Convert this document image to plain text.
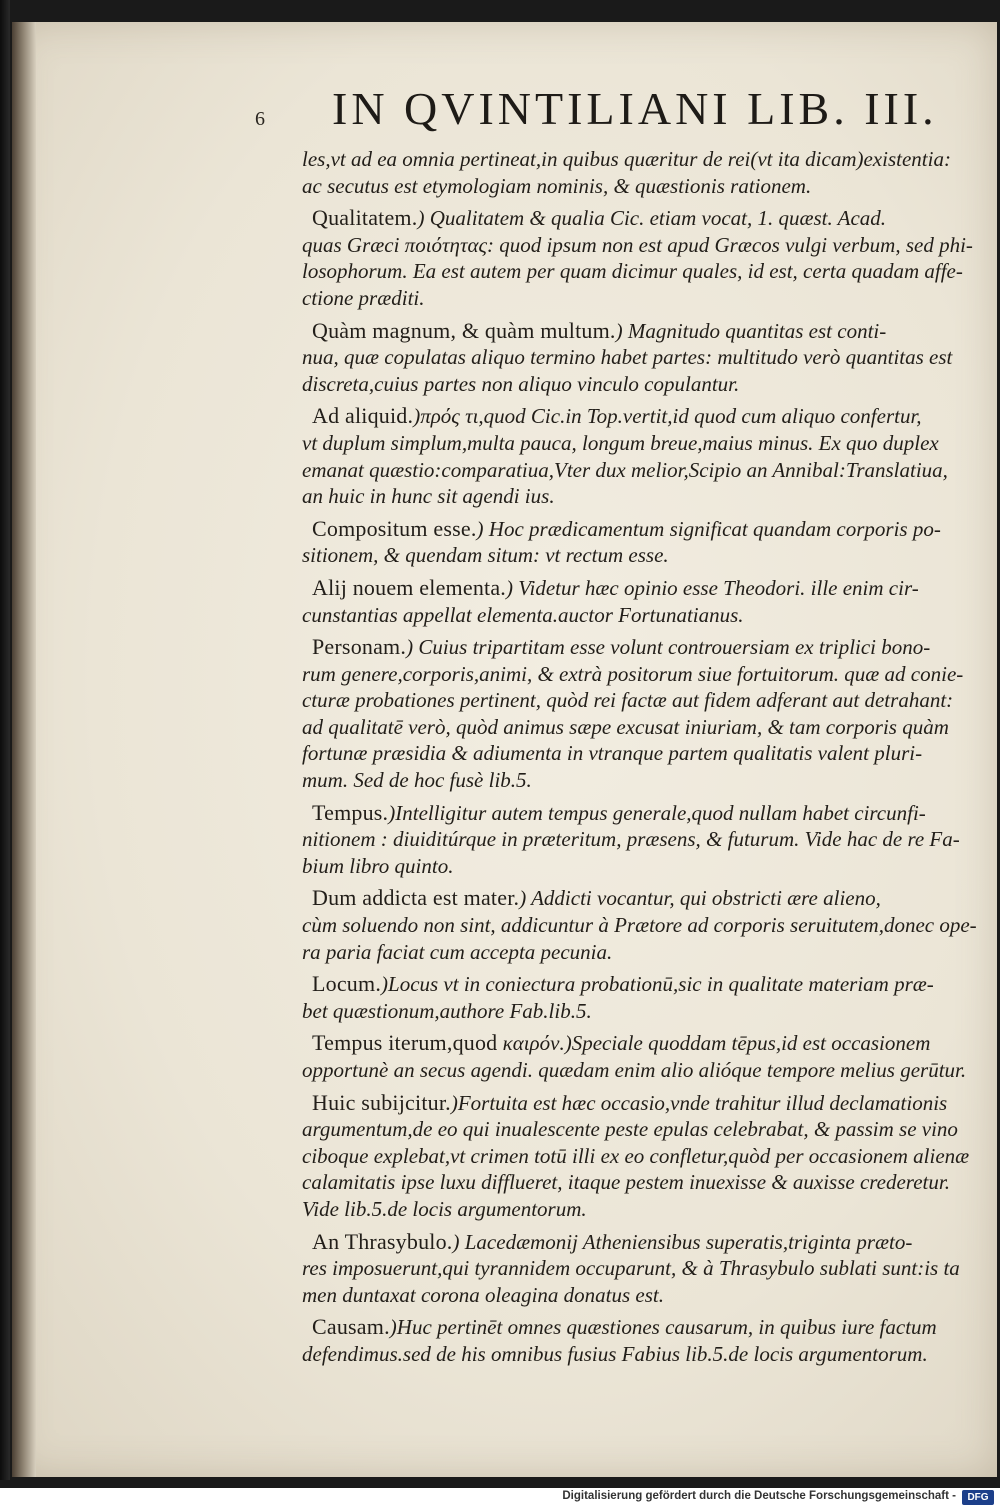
6 IN QVINTILIANI LIB. III.
les,vt ad ea omnia pertineat,in quibus quæritur de rei(vt ita dicam)existentia:
ac secutus est etymologiam nominis, & quæstionis rationem.
Qualitatem.) Qualitatem & qualia Cic. etiam vocat, 1. quæst. Acad.
quas Græci ποιότητας: quod ipsum non est apud Græcos vulgi verbum, sed phi-
losophorum. Ea est autem per quam dicimur quales, id est, certa quadam affe-
ctione præditi.
Quàm magnum, & quàm multum.) Magnitudo quantitas est conti-
nua, quæ copulatas aliquo termino habet partes: multitudo verò quantitas est
discreta,cuius partes non aliquo vinculo copulantur.
Ad aliquid.)πρός τι,quod Cic.in Top.vertit,id quod cum aliquo confertur,
vt duplum simplum,multa pauca, longum breue,maius minus. Ex quo duplex
emanat quæstio:comparatiua,Vter dux melior,Scipio an Annibal:Translatiua,
an huic in hunc sit agendi ius.
Compositum esse.) Hoc prædicamentum significat quandam corporis po-
sitionem, & quendam situm: vt rectum esse.
Alij nouem elementa.) Videtur hæc opinio esse Theodori. ille enim cir-
cunstantias appellat elementa.auctor Fortunatianus.
Personam.) Cuius tripartitam esse volunt controuersiam ex triplici bono-
rum genere,corporis,animi, & extrà positorum siue fortuitorum. quæ ad conie-
cturæ probationes pertinent, quòd rei factæ aut fidem adferant aut detrahant:
ad qualitatē verò, quòd animus sæpe excusat iniuriam, & tam corporis quàm
fortunæ præsidia & adiumenta in vtranque partem qualitatis valent pluri-
mum. Sed de hoc fusè lib.5.
Tempus.)Intelligitur autem tempus generale,quod nullam habet circunfi-
nitionem : diuiditúrque in præteritum, præsens, & futurum. Vide hac de re Fa-
bium libro quinto.
Dum addicta est mater.) Addicti vocantur, qui obstricti ære alieno,
cùm soluendo non sint, addicuntur à Prætore ad corporis seruitutem,donec ope-
ra paria faciat cum accepta pecunia.
Locum.)Locus vt in coniectura probationū,sic in qualitate materiam præ-
bet quæstionum,authore Fab.lib.5.
Tempus iterum,quod καιρόν.)Speciale quoddam tēpus,id est occasionem
opportunè an secus agendi. quædam enim alio alióque tempore melius gerūtur.
Huic subijcitur.)Fortuita est hæc occasio,vnde trahitur illud declamationis
argumentum,de eo qui inualescente peste epulas celebrabat, & passim se vino
ciboque explebat,vt crimen totū illi ex eo confletur,quòd per occasionem alienæ
calamitatis ipse luxu difflueret, itaque pestem inuexisse & auxisse crederetur.
Vide lib.5.de locis argumentorum.
An Thrasybulo.) Lacedæmonij Atheniensibus superatis,triginta præto-
res imposuerunt,qui tyrannidem occuparunt, & à Thrasybulo sublati sunt:is ta
men duntaxat corona oleagina donatus est.
Causam.)Huc pertinēt omnes quæstiones causarum, in quibus iure factum
defendimus.sed de his omnibus fusius Fabius lib.5.de locis argumentorum.
Digitalisierung gefördert durch die Deutsche Forschungsgemeinschaft -	DFG
